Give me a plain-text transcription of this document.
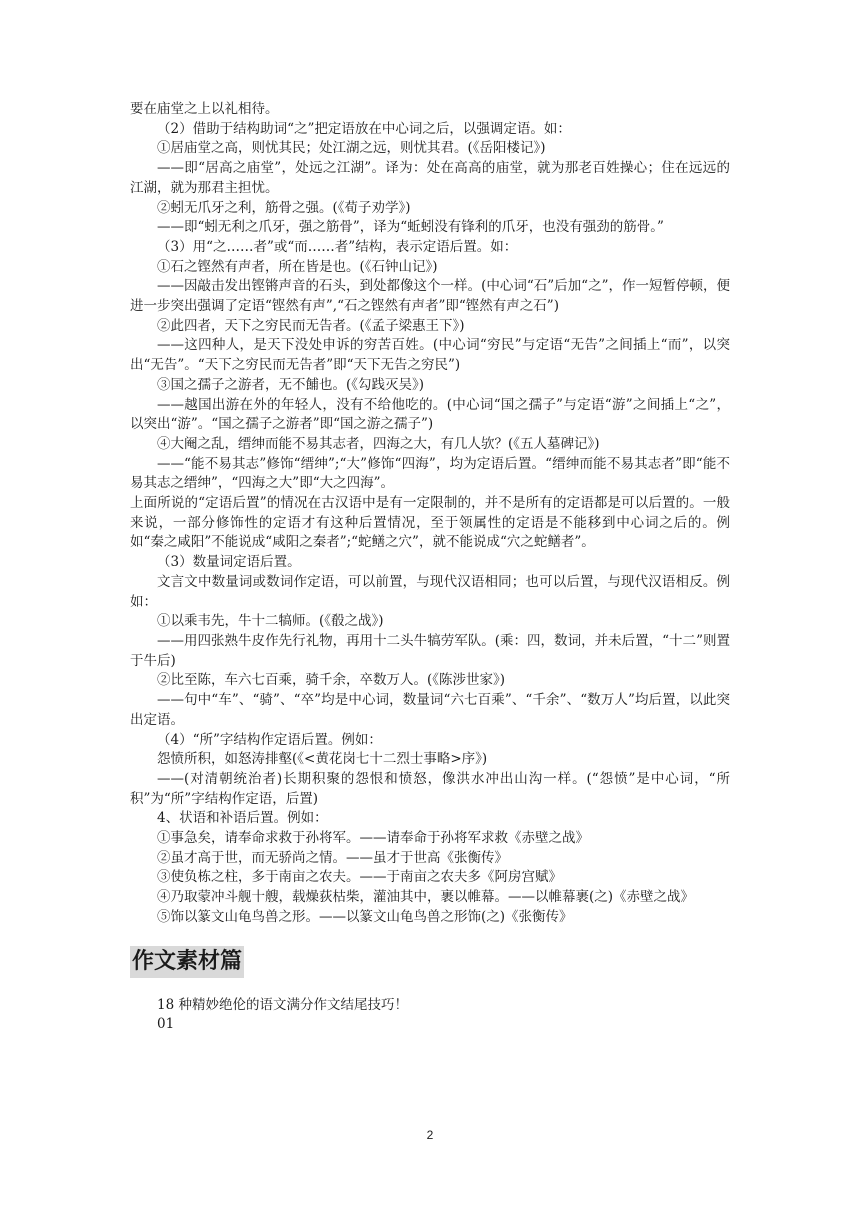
要在庙堂之上以礼相待。

（2）借助于结构助词“之”把定语放在中心词之后，以强调定语。如：

①居庙堂之高，则忧其民；处江湖之远，则忧其君。(《岳阳楼记》)

——即“居高之庙堂”，处远之江湖”。译为：处在高高的庙堂，就为那老百姓操心；住在远远的江湖，就为那君主担忧。

②蚓无爪牙之利，筋骨之强。(《荀子劝学》)

——即“蚓无利之爪牙，强之筋骨”，译为“蚯蚓没有锋利的爪牙，也没有强劲的筋骨。”

（3）用“之……者”或“而……者”结构，表示定语后置。如：

①石之铿然有声者，所在皆是也。(《石钟山记》)

——因敲击发出铿锵声音的石头，到处都像这个一样。(中心词“石”后加“之”，作一短暂停顿，便进一步突出强调了定语“铿然有声”,“石之铿然有声者”即“铿然有声之石”)

②此四者，天下之穷民而无告者。(《孟子梁惠王下》)

——这四种人，是天下没处申诉的穷苦百姓。(中心词“穷民”与定语“无告”之间插上“而”，以突出“无告”。“天下之穷民而无告者”即“天下无告之穷民”)

③国之孺子之游者，无不餔也。(《勾践灭吴》)

——越国出游在外的年轻人，没有不给他吃的。(中心词“国之孺子”与定语“游”之间插上“之”，以突出“游”。“国之孺子之游者”即“国之游之孺子”)

④大阉之乱，缙绅而能不易其志者，四海之大，有几人欤？(《五人墓碑记》)

——“能不易其志”修饰“缙绅”;“大”修饰“四海”，均为定语后置。“缙绅而能不易其志者”即“能不易其志之缙绅”，“四海之大”即“大之四海”。

上面所说的“定语后置”的情况在古汉语中是有一定限制的，并不是所有的定语都是可以后置的。一般来说，一部分修饰性的定语才有这种后置情况，至于领属性的定语是不能移到中心词之后的。例如“秦之咸阳”不能说成“咸阳之秦者”;“蛇鳝之穴”，就不能说成“穴之蛇鳝者”。

（3）数量词定语后置。

文言文中数量词或数词作定语，可以前置，与现代汉语相同；也可以后置，与现代汉语相反。例如：

①以乘韦先，牛十二犒师。(《殽之战》)

——用四张熟牛皮作先行礼物，再用十二头牛犒劳军队。(乘：四，数词，并未后置，“十二”则置于牛后)

②比至陈，车六七百乘，骑千余，卒数万人。(《陈涉世家》)

——句中“车”、“骑”、“卒”均是中心词，数量词“六七百乘”、“千余”、“数万人”均后置，以此突出定语。

（4）“所”字结构作定语后置。例如：

怨愤所积，如怒涛排壑(《<黄花岗七十二烈士事略>序》)

——(对清朝统治者)长期积聚的怨恨和愤怒，像洪水冲出山沟一样。(“怨愤”是中心词，“所积”为“所”字结构作定语，后置)

4、状语和补语后置。例如：

①事急矣，请奉命求救于孙将军。——请奉命于孙将军求救《赤壁之战》

②虽才高于世，而无骄尚之情。——虽才于世高《张衡传》

③使负栋之柱，多于南亩之农夫。——于南亩之农夫多《阿房宫赋》

④乃取蒙冲斗舰十艘，载燥荻枯柴，灌油其中，裹以帷幕。——以帷幕裹(之)《赤壁之战》

⑤饰以篆文山龟鸟兽之形。——以篆文山龟鸟兽之形饰(之)《张衡传》

作文素材篇

18 种精妙绝伦的语文满分作文结尾技巧！

01

2
